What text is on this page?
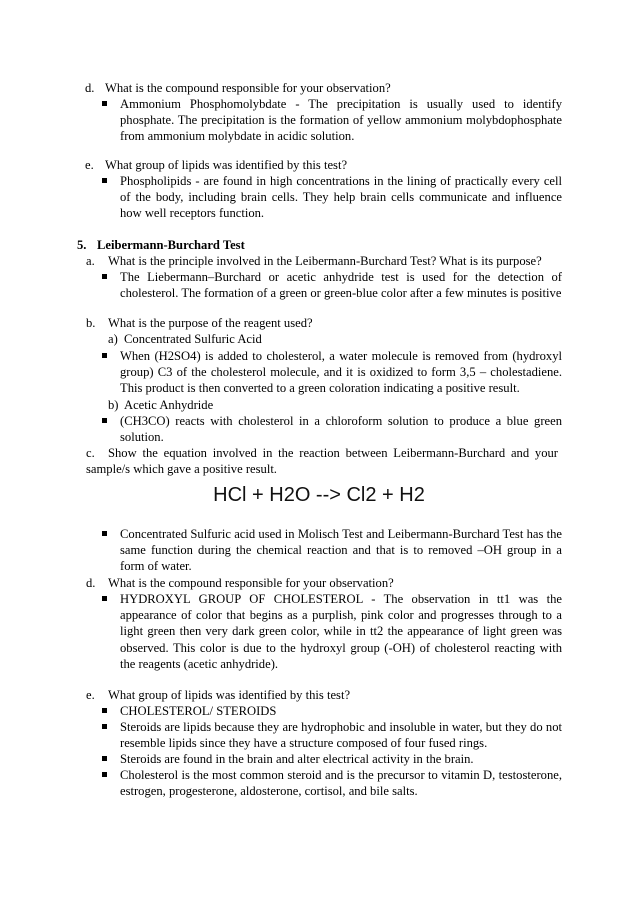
d. What is the compound responsible for your observation?
Ammonium Phosphomolybdate - The precipitation is usually used to identify phosphate. The precipitation is the formation of yellow ammonium molybdophosphate from ammonium molybdate in acidic solution.
e. What group of lipids was identified by this test?
Phospholipids - are found in high concentrations in the lining of practically every cell of the body, including brain cells. They help brain cells communicate and influence how well receptors function.
5. Leibermann-Burchard Test
a. What is the principle involved in the Leibermann-Burchard Test? What is its purpose?
The Liebermann–Burchard or acetic anhydride test is used for the detection of cholesterol. The formation of a green or green-blue color after a few minutes is positive
b. What is the purpose of the reagent used?
a) Concentrated Sulfuric Acid
When (H2SO4) is added to cholesterol, a water molecule is removed from (hydroxyl group) C3 of the cholesterol molecule, and it is oxidized to form 3,5 – cholestadiene. This product is then converted to a green coloration indicating a positive result.
b) Acetic Anhydride
(CH3CO) reacts with cholesterol in a chloroform solution to produce a blue green solution.
c. Show the equation involved in the reaction between Leibermann-Burchard and your sample/s which gave a positive result.
HCl + H2O --> Cl2 + H2
Concentrated Sulfuric acid used in Molisch Test and Leibermann-Burchard Test has the same function during the chemical reaction and that is to removed –OH group in a form of water.
d. What is the compound responsible for your observation?
HYDROXYL GROUP OF CHOLESTEROL - The observation in tt1 was the appearance of color that begins as a purplish, pink color and progresses through to a light green then very dark green color, while in tt2 the appearance of light green was observed. This color is due to the hydroxyl group (-OH) of cholesterol reacting with the reagents (acetic anhydride).
e. What group of lipids was identified by this test?
CHOLESTEROL/ STEROIDS
Steroids are lipids because they are hydrophobic and insoluble in water, but they do not resemble lipids since they have a structure composed of four fused rings.
Steroids are found in the brain and alter electrical activity in the brain.
Cholesterol is the most common steroid and is the precursor to vitamin D, testosterone, estrogen, progesterone, aldosterone, cortisol, and bile salts.
